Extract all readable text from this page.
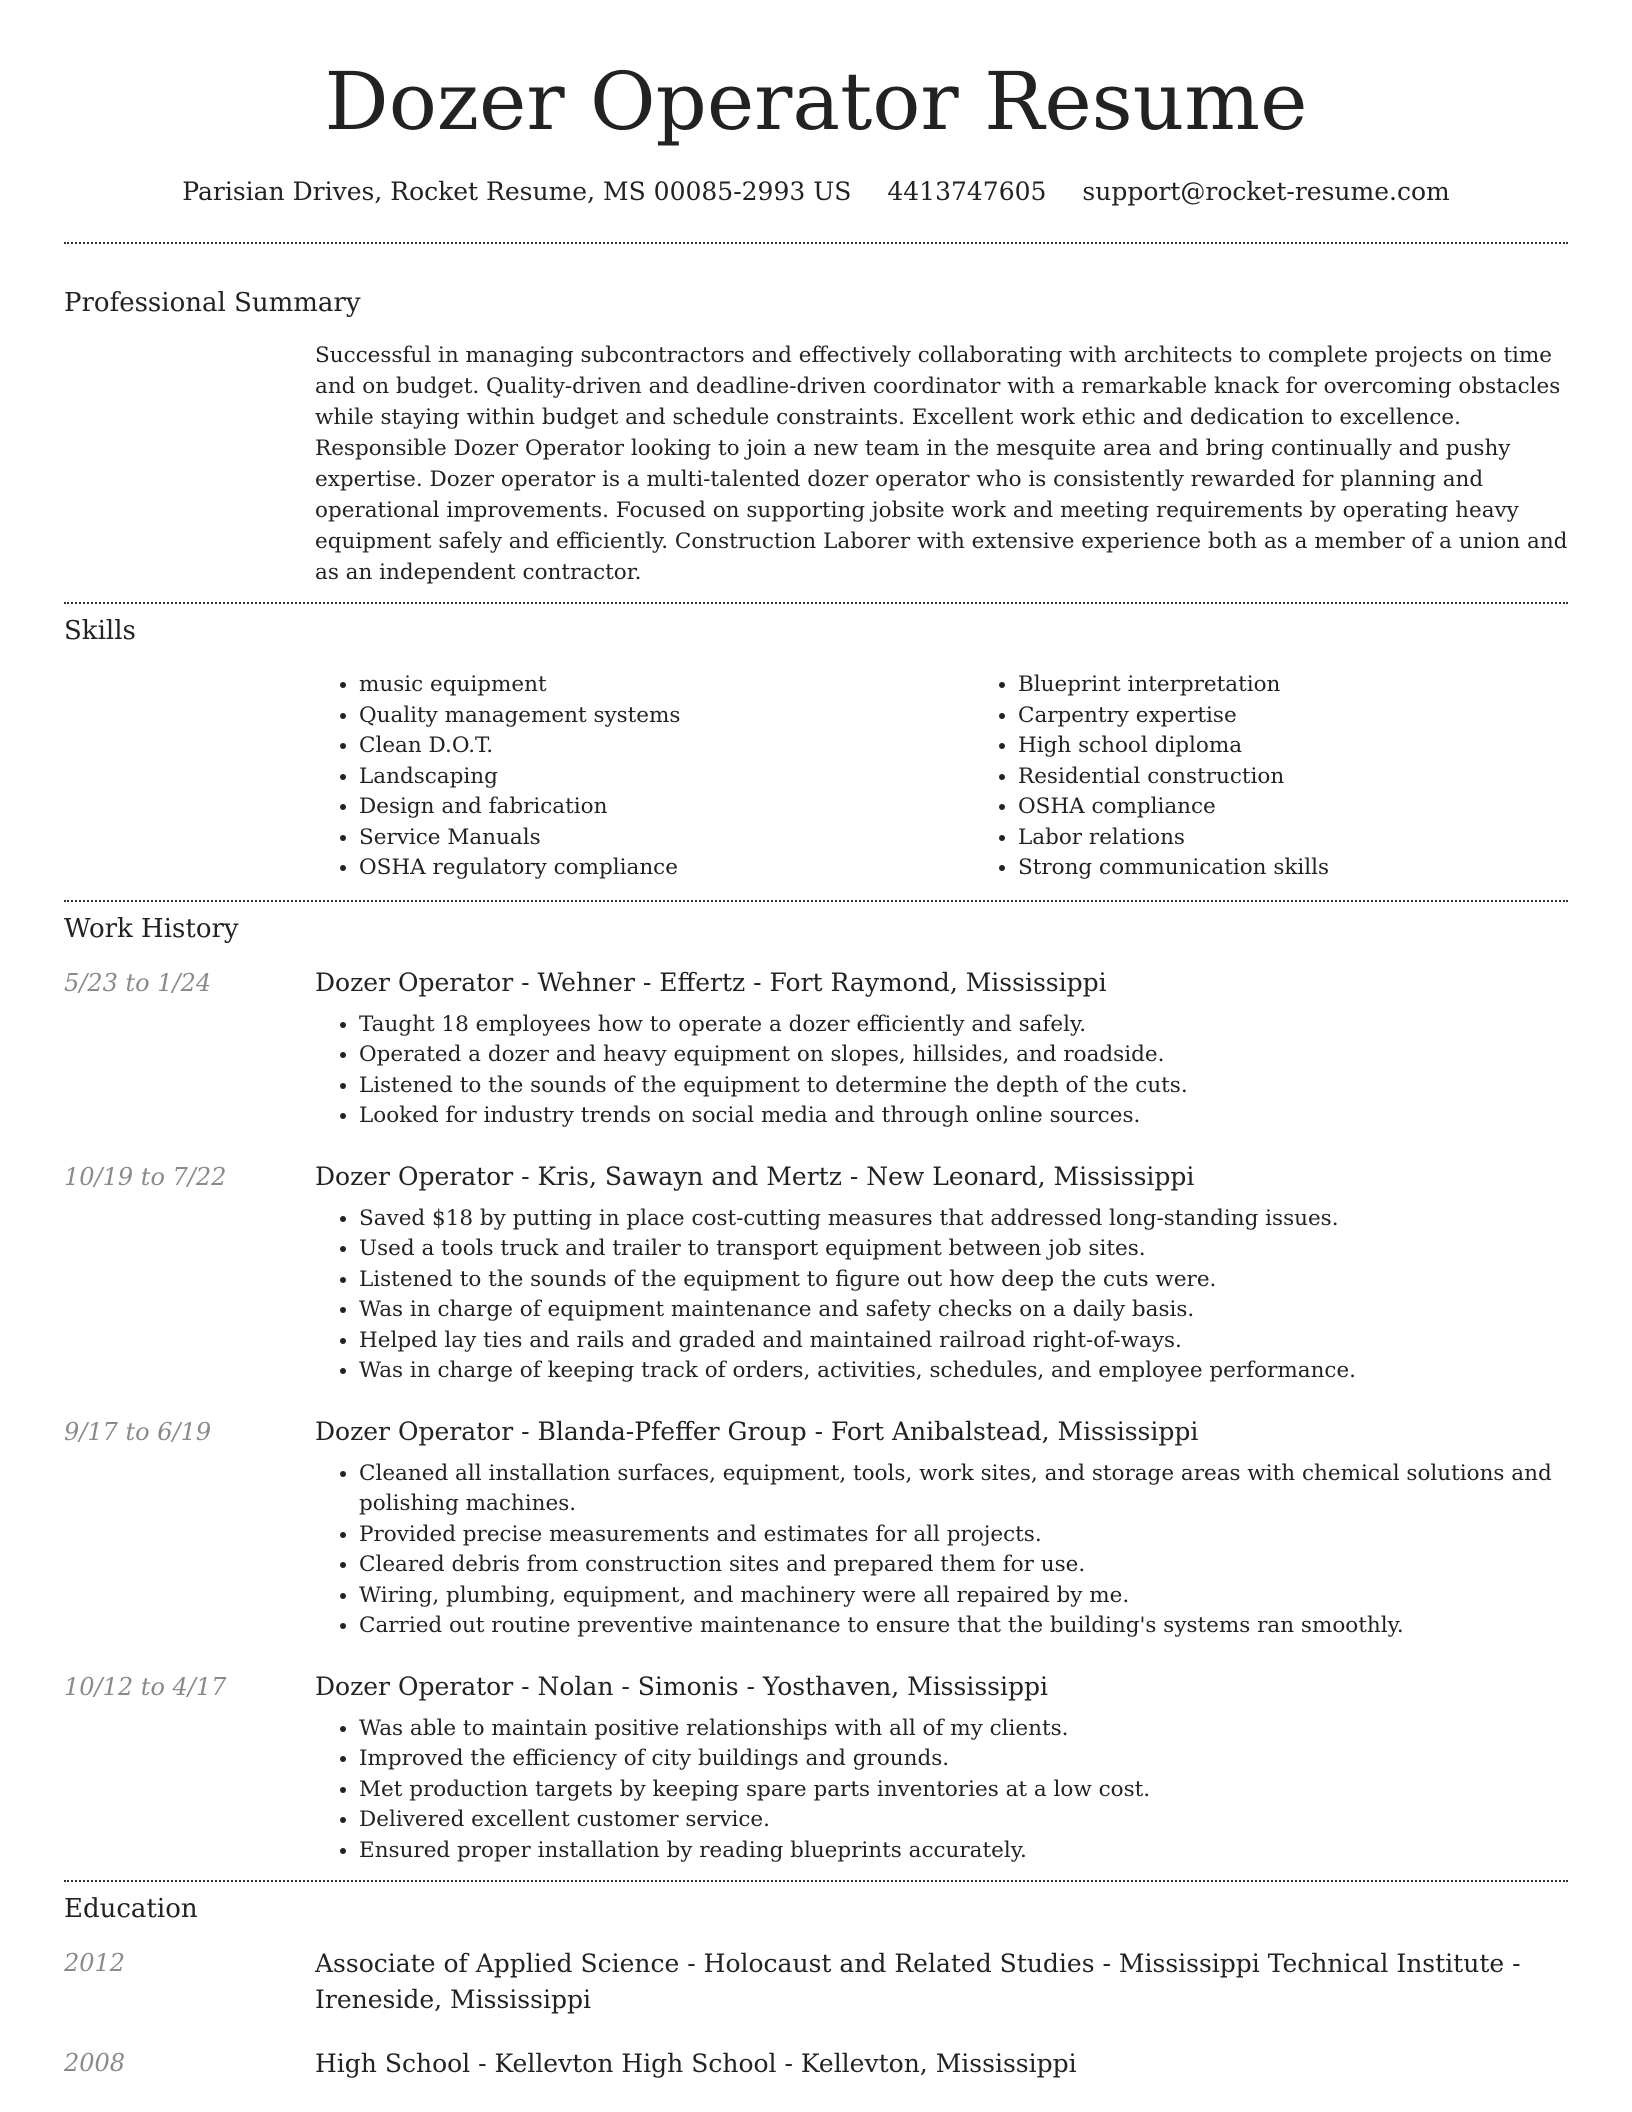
Dozer Operator Resume
Parisian Drives, Rocket Resume, MS 00085-2993 US 4413747605 support@rocket-resume.com
Professional Summary

Successful in managing subcontractors and effectively collaborating with architects to complete projects on time and on budget. Quality-driven and deadline-driven coordinator with a remarkable knack for overcoming obstacles while staying within budget and schedule constraints. Excellent work ethic and dedication to excellence. Responsible Dozer Operator looking to join a new team in the mesquite area and bring continually and pushy expertise. Dozer operator is a multi-talented dozer operator who is consistently rewarded for planning and operational improvements. Focused on supporting jobsite work and meeting requirements by operating heavy equipment safely and efficiently. Construction Laborer with extensive experience both as a member of a union and as an independent contractor.

Skills
• music equipment
• Quality management systems
• Clean D.O.T.
• Landscaping
• Design and fabrication
• Service Manuals
• OSHA regulatory compliance
• Blueprint interpretation
• Carpentry expertise
• High school diploma
• Residential construction
• OSHA compliance
• Labor relations
• Strong communication skills
Work History
5/23 to 1/24	Dozer Operator - Wehner - Effertz - Fort Raymond, Mississippi
• Taught 18 employees how to operate a dozer efficiently and safely.
• Operated a dozer and heavy equipment on slopes, hillsides, and roadside.
• Listened to the sounds of the equipment to determine the depth of the cuts.
• Looked for industry trends on social media and through online sources.
10/19 to 7/22	Dozer Operator - Kris, Sawayn and Mertz - New Leonard, Mississippi
• Saved $18 by putting in place cost-cutting measures that addressed long-standing issues.
• Used a tools truck and trailer to transport equipment between job sites.
• Listened to the sounds of the equipment to figure out how deep the cuts were.
• Was in charge of equipment maintenance and safety checks on a daily basis.
• Helped lay ties and rails and graded and maintained railroad right-of-ways.
• Was in charge of keeping track of orders, activities, schedules, and employee performance.
9/17 to 6/19	Dozer Operator - Blanda-Pfeffer Group - Fort Anibalstead, Mississippi
• Cleaned all installation surfaces, equipment, tools, work sites, and storage areas with chemical solutions and polishing machines.
• Provided precise measurements and estimates for all projects.
• Cleared debris from construction sites and prepared them for use.
• Wiring, plumbing, equipment, and machinery were all repaired by me.
• Carried out routine preventive maintenance to ensure that the building's systems ran smoothly.
10/12 to 4/17	Dozer Operator - Nolan - Simonis - Yosthaven, Mississippi
• Was able to maintain positive relationships with all of my clients.
• Improved the efficiency of city buildings and grounds.
• Met production targets by keeping spare parts inventories at a low cost.
• Delivered excellent customer service.
• Ensured proper installation by reading blueprints accurately.
Education
2012	Associate of Applied Science - Holocaust and Related Studies - Mississippi Technical Institute - Ireneside, Mississippi
2008	High School - Kellevton High School - Kellevton, Mississippi
